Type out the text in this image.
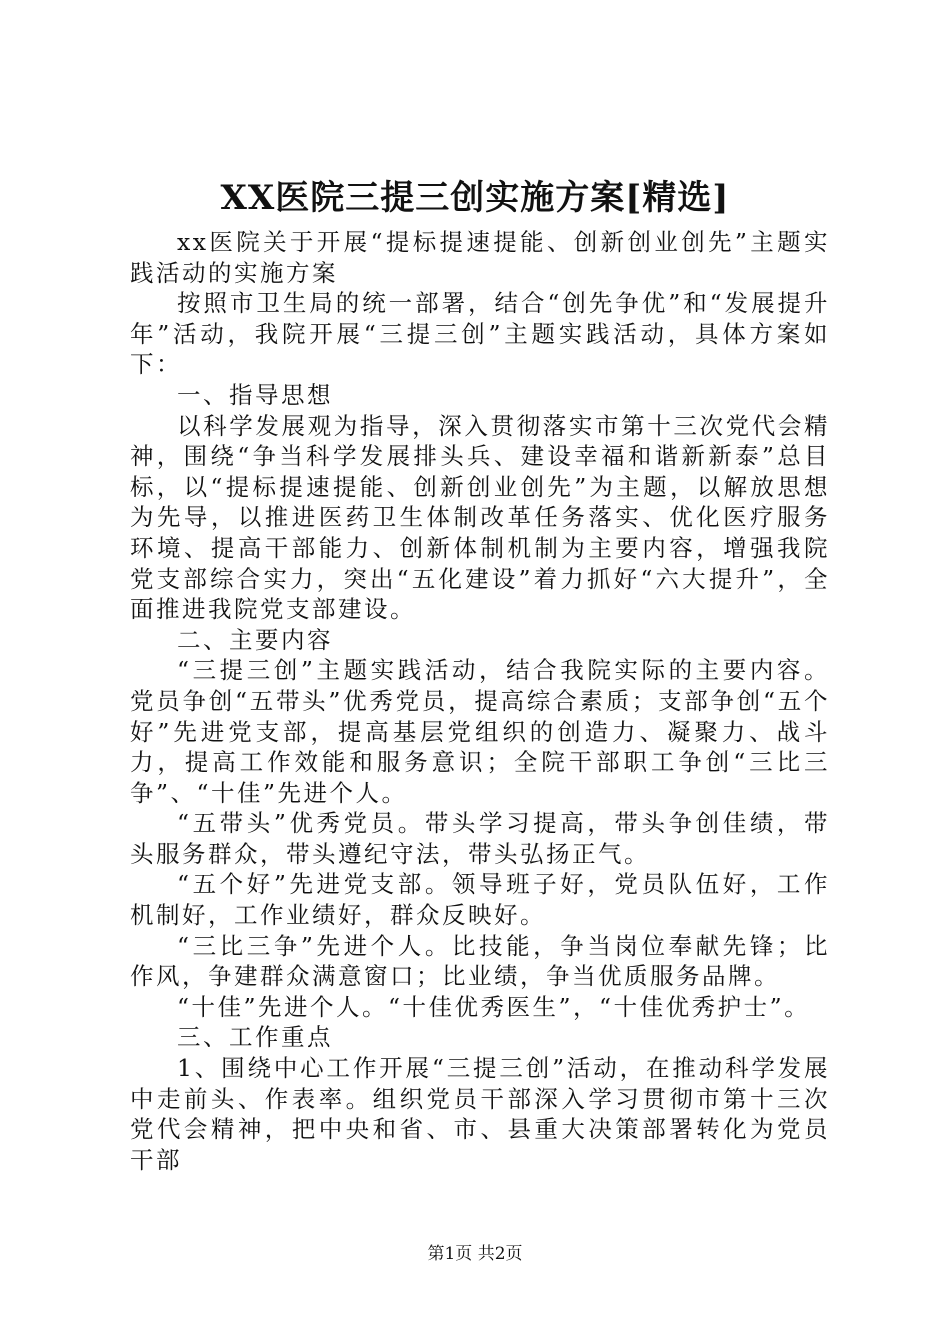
XX医院三提三创实施方案[精选]

xx医院关于开展“提标提速提能、创新创业创先”主题实践活动的实施方案

按照市卫生局的统一部署，结合“创先争优”和“发展提升年”活动，我院开展“三提三创”主题实践活动，具体方案如下：

一、指导思想

以科学发展观为指导，深入贯彻落实市第十三次党代会精神，围绕“争当科学发展排头兵、建设幸福和谐新新泰”总目标，以“提标提速提能、创新创业创先”为主题，以解放思想为先导，以推进医药卫生体制改革任务落实、优化医疗服务环境、提高干部能力、创新体制机制为主要内容，增强我院党支部综合实力，突出“五化建设”着力抓好“六大提升”，全面推进我院党支部建设。

二、主要内容

“三提三创”主题实践活动，结合我院实际的主要内容。党员争创“五带头”优秀党员，提高综合素质；支部争创“五个好”先进党支部，提高基层党组织的创造力、凝聚力、战斗力，提高工作效能和服务意识；全院干部职工争创“三比三争”、“十佳”先进个人。

“五带头”优秀党员。带头学习提高，带头争创佳绩，带头服务群众，带头遵纪守法，带头弘扬正气。

“五个好”先进党支部。领导班子好，党员队伍好，工作机制好，工作业绩好，群众反映好。

“三比三争”先进个人。比技能，争当岗位奉献先锋；比作风，争建群众满意窗口；比业绩，争当优质服务品牌。

“十佳”先进个人。“十佳优秀医生”，“十佳优秀护士”。

三、工作重点

1、围绕中心工作开展“三提三创”活动，在推动科学发展中走前头、作表率。组织党员干部深入学习贯彻市第十三次党代会精神，把中央和省、市、县重大决策部署转化为党员干部

第1页 共2页
